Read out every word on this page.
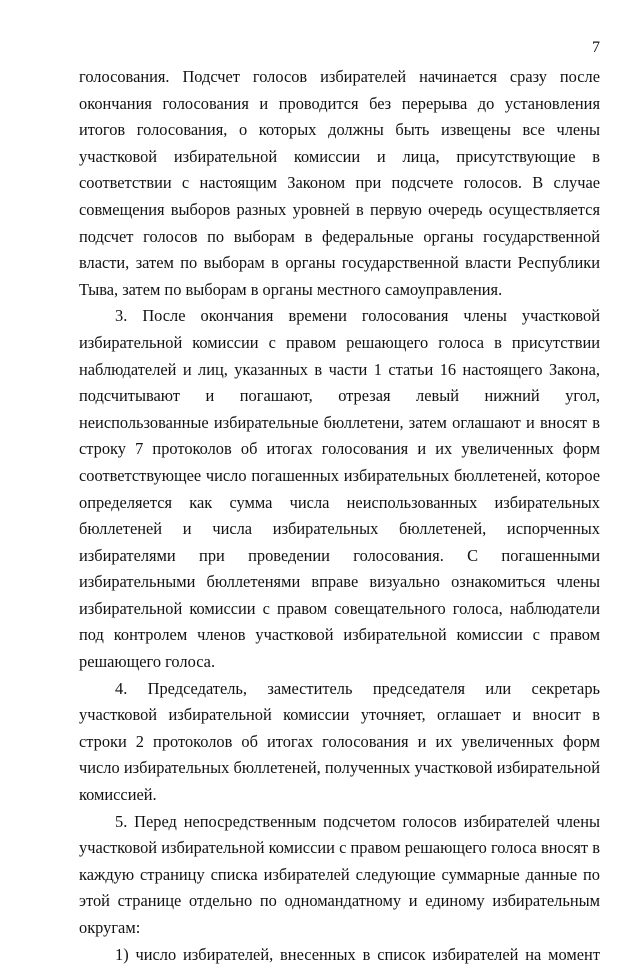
7

голосования. Подсчет голосов избирателей начинается сразу после окончания голосования и проводится без перерыва до установления итогов голосования, о которых должны быть извещены все члены участковой избирательной комиссии и лица, присутствующие в соответствии с настоящим Законом при подсчете голосов. В случае совмещения выборов разных уровней в первую очередь осуществляется подсчет голосов по выборам в федеральные органы государственной власти, затем по выборам в органы государственной власти Республики Тыва, затем по выборам в органы местного самоуправления.

3. После окончания времени голосования члены участковой избирательной комиссии с правом решающего голоса в присутствии наблюдателей и лиц, указанных в части 1 статьи 16 настоящего Закона, подсчитывают и погашают, отрезая левый нижний угол, неиспользованные избирательные бюллетени, затем оглашают и вносят в строку 7 протоколов об итогах голосования и их увеличенных форм соответствующее число погашенных избирательных бюллетеней, которое определяется как сумма числа неиспользованных избирательных бюллетеней и числа избирательных бюллетеней, испорченных избирателями при проведении голосования. С погашенными избирательными бюллетенями вправе визуально ознакомиться члены избирательной комиссии с правом совещательного голоса, наблюдатели под контролем членов участковой избирательной комиссии с правом решающего голоса.

4. Председатель, заместитель председателя или секретарь участковой избирательной комиссии уточняет, оглашает и вносит в строки 2 протоколов об итогах голосования и их увеличенных форм число избирательных бюллетеней, полученных участковой избирательной комиссией.

5. Перед непосредственным подсчетом голосов избирателей члены участковой избирательной комиссии с правом решающего голоса вносят в каждую страницу списка избирателей следующие суммарные данные по этой странице отдельно по одномандатному и единому избирательным округам:

1) число избирателей, внесенных в список избирателей на момент
